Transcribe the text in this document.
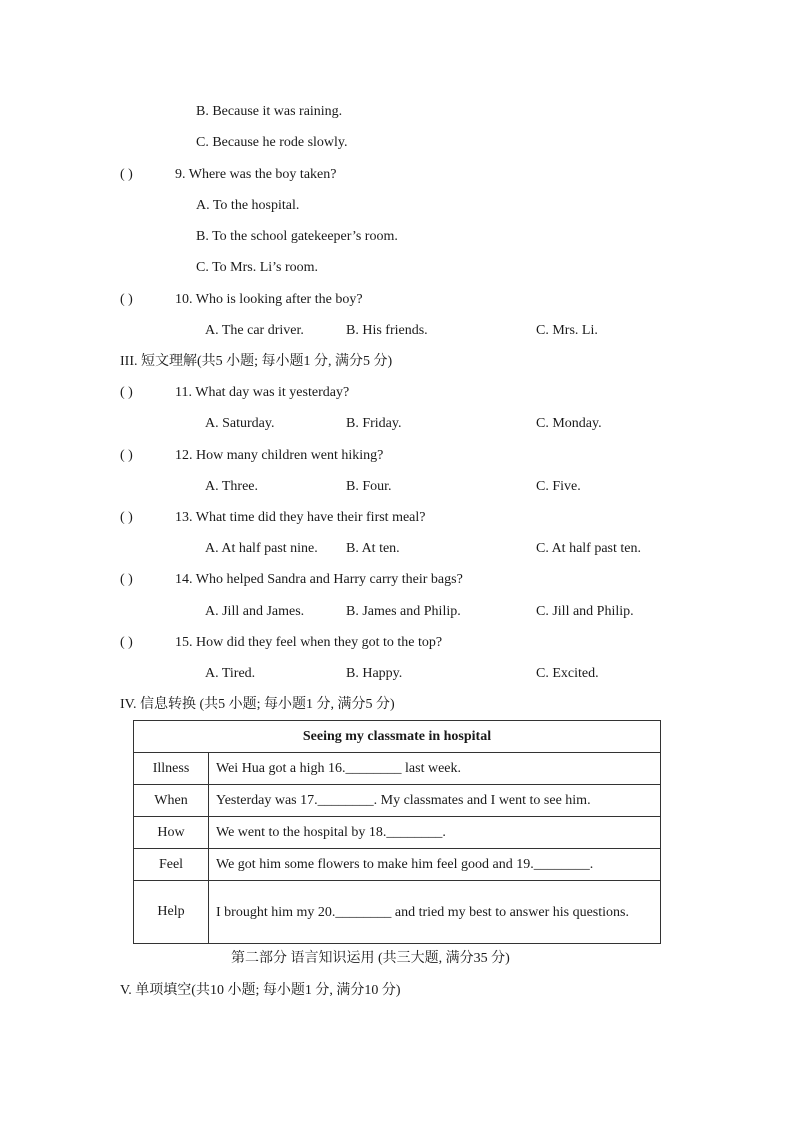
B. Because it was raining.
C. Because he rode slowly.
( )	9. Where was the boy taken?
A. To the hospital.
B. To the school gatekeeper’s room.
C. To Mrs. Li’s room.
( )	10. Who is looking after the boy?
A. The car driver.	B. His friends.	C. Mrs. Li.
III. 短文理解(共5 小题; 每小题1 分, 满分5 分)
( )	11. What day was it yesterday?
A. Saturday.	B. Friday.	C. Monday.
( )	12. How many children went hiking?
A. Three.	B. Four.	C. Five.
( )	13. What time did they have their first meal?
A. At half past nine. B. At ten.	C. At half past ten.
( )	14. Who helped Sandra and Harry carry their bags?
A. Jill and James.	B. James and Philip.	C. Jill and Philip.
( )	15. How did they feel when they got to the top?
A. Tired.	B. Happy.	C. Excited.
IV. 信息转换 (共5 小题; 每小题1 分, 满分5 分)
Seeing my classmate in hospital	
Illness	Wei Hua got a high 16.________ last week.
When	Yesterday was 17.________. My classmates and I went to see him.
How	We went to the hospital by 18.________.
Feel	We got him some flowers to make him feel good and 19.________.
Help	I brought him my 20.________ and tried my best to answer his questions.
第二部分 语言知识运用 (共三大题, 满分35 分)
V. 单项填空(共10 小题; 每小题1 分, 满分10 分)
